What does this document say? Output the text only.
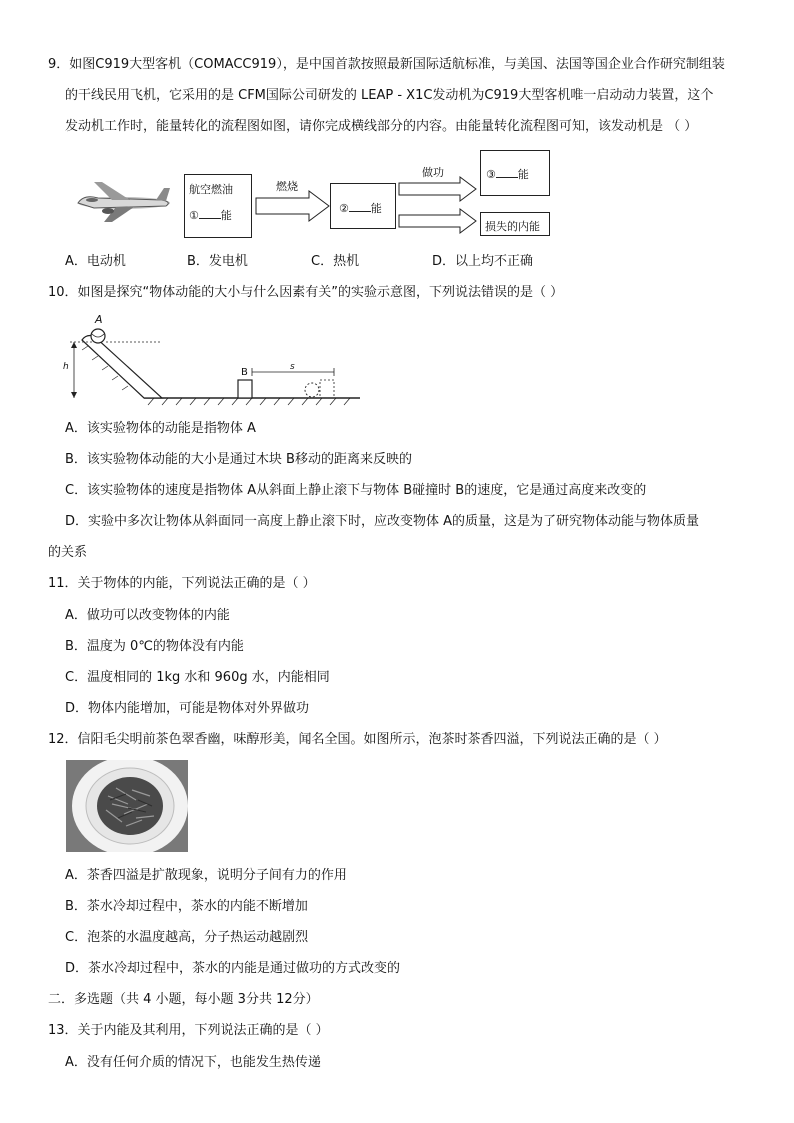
9．如图C919大型客机（COMACC919），是中国首款按照最新国际适航标准，与美国、法国等国企业合作研究制组装
的干线民用飞机，它采用的是 CFM国际公司研发的 LEAP - X1C发动机为C919大型客机唯一启动动力装置，这个
发动机工作时，能量转化的流程图如图，请你完成横线部分的内容。由能量转化流程图可知，该发动机是 （ ）
航空燃油
① 能
燃烧
② 能
做功	③ 能
损失的内能
A．电动机	B．发电机	C．热机	D．以上均不正确
10．如图是探究“物体动能的大小与什么因素有关”的实验示意图，下列说法错误的是（ ）
A
h	B	s
A．该实验物体的动能是指物体 A
B．该实验物体动能的大小是通过木块 B移动的距离来反映的
C．该实验物体的速度是指物体 A从斜面上静止滚下与物体 B碰撞时 B的速度，它是通过高度来改变的
D．实验中多次让物体从斜面同一高度上静止滚下时，应改变物体 A的质量，这是为了研究物体动能与物体质量
的关系
11．关于物体的内能，下列说法正确的是（ ）
A．做功可以改变物体的内能
B．温度为 0℃的物体没有内能
C．温度相同的 1kg 水和 960g 水，内能相同
D．物体内能增加，可能是物体对外界做功
12．信阳毛尖明前茶色翠香幽，味醇形美，闻名全国。如图所示，泡茶时茶香四溢，下列说法正确的是（ ）
A．茶香四溢是扩散现象，说明分子间有力的作用
B．茶水冷却过程中，茶水的内能不断增加
C．泡茶的水温度越高，分子热运动越剧烈
D．茶水冷却过程中，茶水的内能是通过做功的方式改变的
二．多选题（共 4 小题，每小题 3分共 12分）
13．关于内能及其利用，下列说法正确的是（ ）
A．没有任何介质的情况下，也能发生热传递
